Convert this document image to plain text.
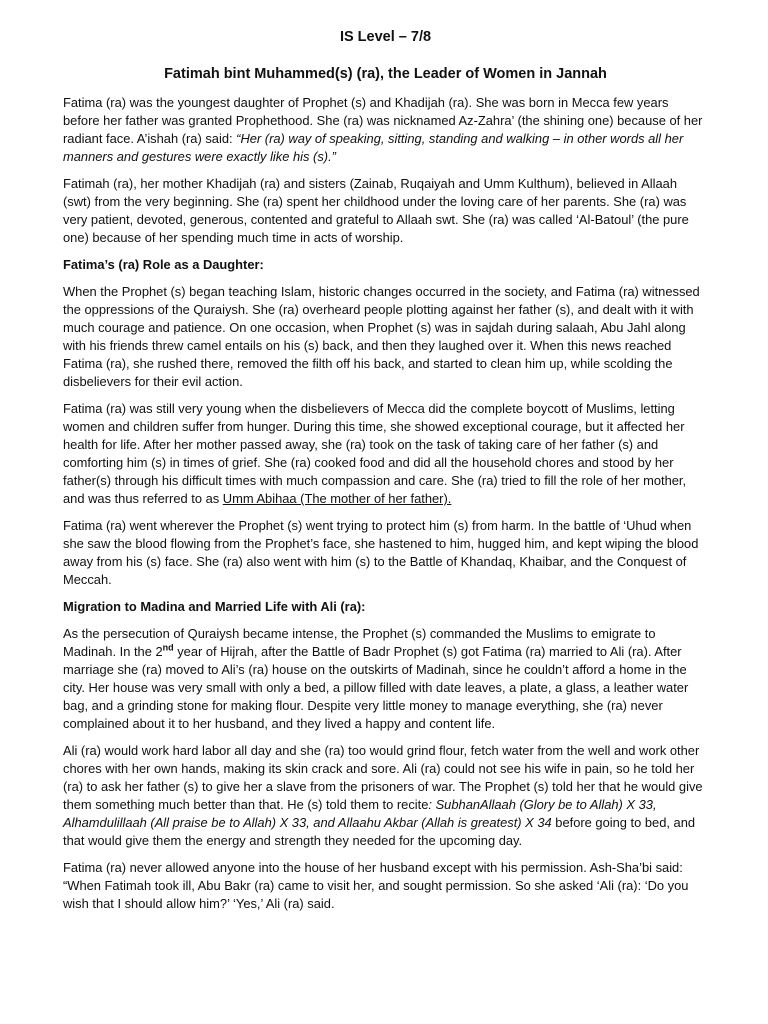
IS Level – 7/8
Fatimah bint Muhammed(s) (ra), the Leader of Women in Jannah

Fatima (ra) was the youngest daughter of Prophet (s) and Khadijah (ra). She was born in Mecca few years before her father was granted Prophethood. She (ra) was nicknamed Az-Zahra’ (the shining one) because of her radiant face. A’ishah (ra) said: “Her (ra) way of speaking, sitting, standing and walking – in other words all her manners and gestures were exactly like his (s).”

Fatimah (ra), her mother Khadijah (ra) and sisters (Zainab, Ruqaiyah and Umm Kulthum), believed in Allaah (swt) from the very beginning. She (ra) spent her childhood under the loving care of her parents. She (ra) was very patient, devoted, generous, contented and grateful to Allaah swt. She (ra) was called ‘Al-Batoul’ (the pure one) because of her spending much time in acts of worship.

Fatima’s (ra) Role as a Daughter:

When the Prophet (s) began teaching Islam, historic changes occurred in the society, and Fatima (ra) witnessed the oppressions of the Quraiysh. She (ra) overheard people plotting against her father (s), and dealt with it with much courage and patience. On one occasion, when Prophet (s) was in sajdah during salaah, Abu Jahl along with his friends threw camel entails on his (s) back, and then they laughed over it. When this news reached Fatima (ra), she rushed there, removed the filth off his back, and started to clean him up, while scolding the disbelievers for their evil action.

Fatima (ra) was still very young when the disbelievers of Mecca did the complete boycott of Muslims, letting women and children suffer from hunger. During this time, she showed exceptional courage, but it affected her health for life. After her mother passed away, she (ra) took on the task of taking care of her father (s) and comforting him (s) in times of grief. She (ra) cooked food and did all the household chores and stood by her father(s) through his difficult times with much compassion and care. She (ra) tried to fill the role of her mother, and was thus referred to as Umm Abihaa (The mother of her father).

Fatima (ra) went wherever the Prophet (s) went trying to protect him (s) from harm. In the battle of ‘Uhud when she saw the blood flowing from the Prophet’s face, she hastened to him, hugged him, and kept wiping the blood away from his (s) face. She (ra) also went with him (s) to the Battle of Khandaq, Khaibar, and the Conquest of Meccah.

Migration to Madina and Married Life with Ali (ra):

As the persecution of Quraiysh became intense, the Prophet (s) commanded the Muslims to emigrate to Madinah. In the 2nd year of Hijrah, after the Battle of Badr Prophet (s) got Fatima (ra) married to Ali (ra). After marriage she (ra) moved to Ali’s (ra) house on the outskirts of Madinah, since he couldn’t afford a home in the city. Her house was very small with only a bed, a pillow filled with date leaves, a plate, a glass, a leather water bag, and a grinding stone for making flour. Despite very little money to manage everything, she (ra) never complained about it to her husband, and they lived a happy and content life.

Ali (ra) would work hard labor all day and she (ra) too would grind flour, fetch water from the well and work other chores with her own hands, making its skin crack and sore. Ali (ra) could not see his wife in pain, so he told her (ra) to ask her father (s) to give her a slave from the prisoners of war. The Prophet (s) told her that he would give them something much better than that. He (s) told them to recite: SubhanAllaah (Glory be to Allah) X 33, Alhamdulillaah (All praise be to Allah) X 33, and Allaahu Akbar (Allah is greatest) X 34 before going to bed, and that would give them the energy and strength they needed for the upcoming day.

Fatima (ra) never allowed anyone into the house of her husband except with his permission. Ash-Sha’bi said: “When Fatimah took ill, Abu Bakr (ra) came to visit her, and sought permission. So she asked ‘Ali (ra): ‘Do you wish that I should allow him?’ ‘Yes,’ Ali (ra) said.
